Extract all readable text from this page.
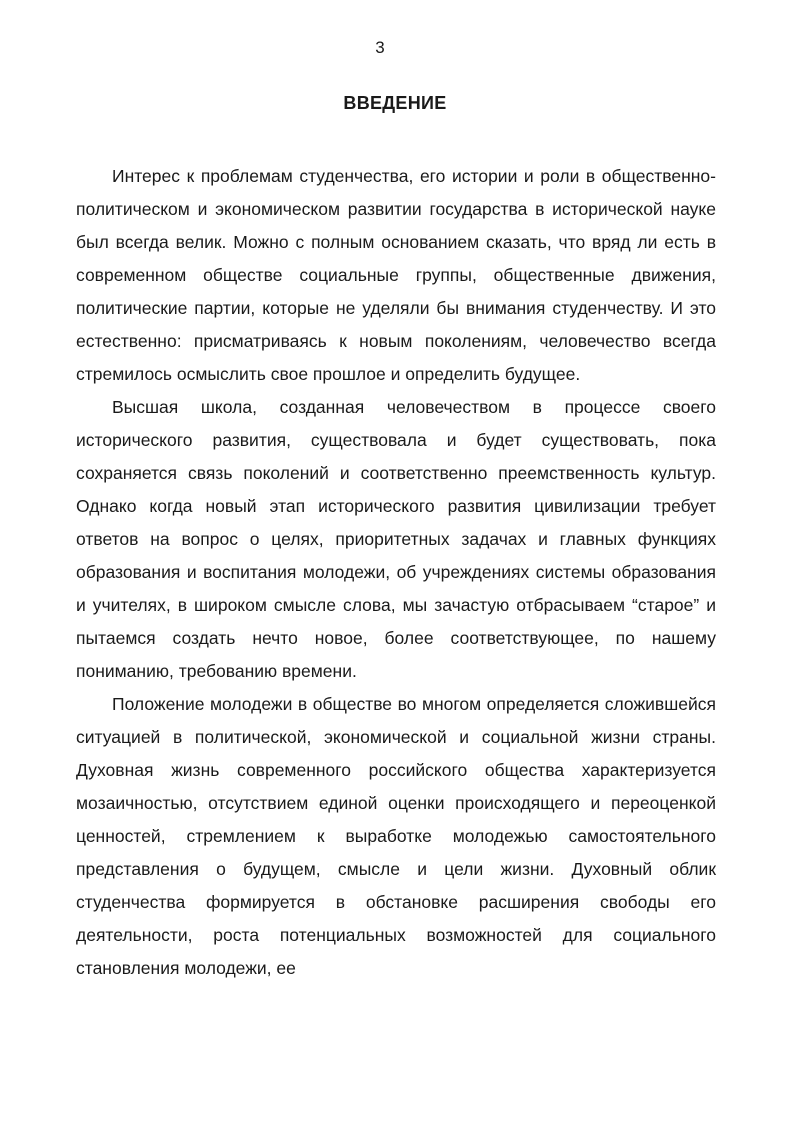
3
ВВЕДЕНИЕ

Интерес к проблемам студенчества, его истории и роли в общественно-политическом и экономическом развитии государства в исторической науке был всегда велик. Можно с полным основанием сказать, что вряд ли есть в современном обществе социальные группы, общественные движения, политические партии, которые не уделяли бы внимания студенчеству. И это естественно: присматриваясь к новым поколениям, человечество всегда стремилось осмыслить свое прошлое и определить будущее.

Высшая школа, созданная человечеством в процессе своего исторического развития, существовала и будет существовать, пока сохраняется связь поколений и соответственно преемственность культур. Однако когда новый этап исторического развития цивилизации требует ответов на вопрос о целях, приоритетных задачах и главных функциях образования и воспитания молодежи, об учреждениях системы образования и учителях, в широком смысле слова, мы зачастую отбрасываем “старое” и пытаемся создать нечто новое, более соответствующее, по нашему пониманию, требованию времени.

Положение молодежи в обществе во многом определяется сложившейся ситуацией в политической, экономической и социальной жизни страны. Духовная жизнь современного российского общества характеризуется мозаичностью, отсутствием единой оценки происходящего и переоценкой ценностей, стремлением к выработке молодежью самостоятельного представления о будущем, смысле и цели жизни. Духовный облик студенчества формируется в обстановке расширения свободы его деятельности, роста потенциальных возможностей для социального становления молодежи, ее
